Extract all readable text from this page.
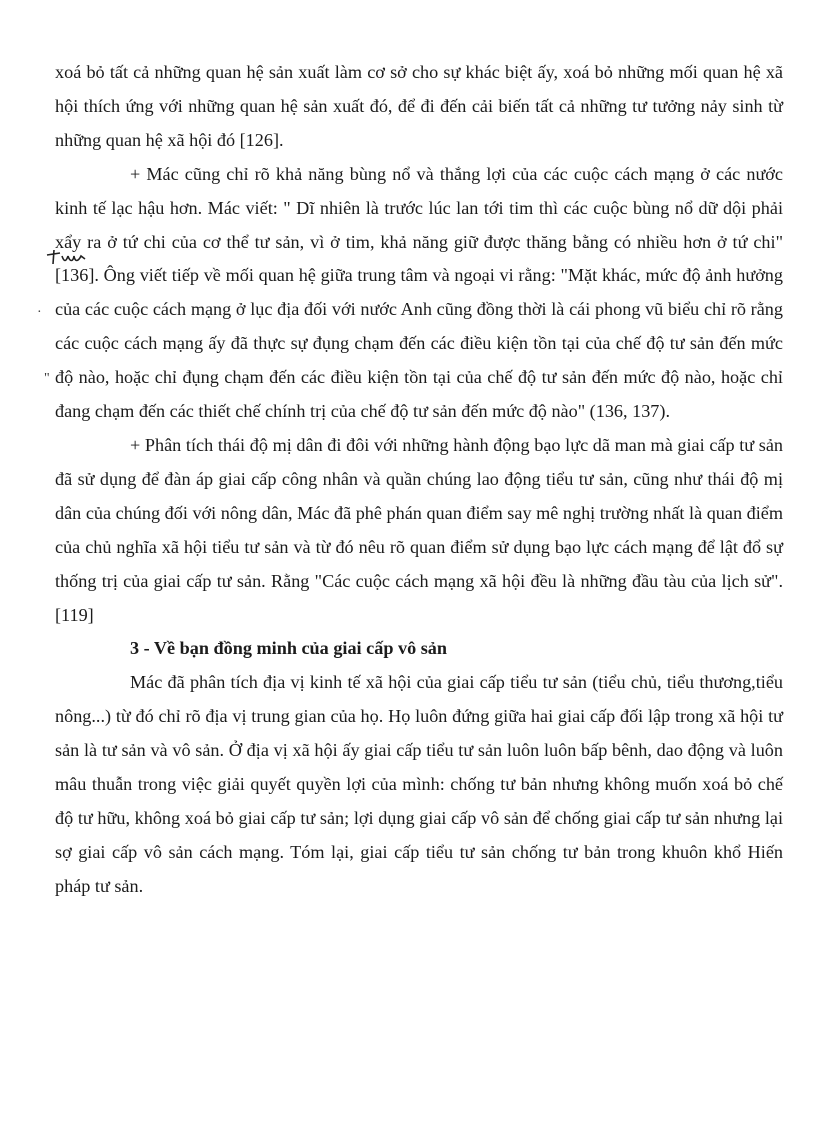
·
"

xoá bỏ tất cả những quan hệ sản xuất làm cơ sở cho sự khác biệt ấy, xoá bỏ những mối quan hệ xã hội thích ứng với những quan hệ sản xuất đó, để đi đến cải biến tất cả những tư tưởng nảy sinh từ những quan hệ xã hội đó [126].

+ Mác cũng chỉ rõ khả năng bùng nổ và thắng lợi của các cuộc cách mạng ở các nước kinh tế lạc hậu hơn. Mác viết: " Dĩ nhiên là trước lúc lan tới tim thì các cuộc bùng nổ dữ dội phải xẩy ra ở tứ chi của cơ thể tư sản, vì ở tim, khả năng giữ được thăng bằng có nhiều hơn ở tứ chi" [136]. Ông viết tiếp về mối quan hệ giữa trung tâm và ngoại vi rằng: "Mặt khác, mức độ ảnh hưởng của các cuộc cách mạng ở lục địa đối với nước Anh cũng đồng thời là cái phong vũ biểu chỉ rõ rằng các cuộc cách mạng ấy đã thực sự đụng chạm đến các điều kiện tồn tại của chế độ tư sản đến mức độ nào, hoặc chỉ đụng chạm đến các điều kiện tồn tại của chế độ tư sản đến mức độ nào, hoặc chỉ đang chạm đến các thiết chế chính trị của chế độ tư sản đến mức độ nào" (136, 137).

+ Phân tích thái độ mị dân đi đôi với những hành động bạo lực dã man mà giai cấp tư sản đã sử dụng để đàn áp giai cấp công nhân và quần chúng lao động tiểu tư sản, cũng như thái độ mị dân của chúng đối với nông dân, Mác đã phê phán quan điểm say mê nghị trường nhất là quan điểm của chủ nghĩa xã hội tiểu tư sản và từ đó nêu rõ quan điểm sử dụng bạo lực cách mạng để lật đổ sự thống trị của giai cấp tư sản. Rằng "Các cuộc cách mạng xã hội đều là những đầu tàu của lịch sử". [119]

3 - Về bạn đồng minh của giai cấp vô sản

Mác đã phân tích địa vị kinh tế xã hội của giai cấp tiểu tư sản (tiểu chủ, tiểu thương,tiểu nông...) từ đó chỉ rõ địa vị trung gian của họ. Họ luôn đứng giữa hai giai cấp đối lập trong xã hội tư sản là tư sản và vô sản. Ở địa vị xã hội ấy giai cấp tiểu tư sản luôn luôn bấp bênh, dao động và luôn mâu thuẫn trong việc giải quyết quyền lợi của mình: chống tư bản nhưng không muốn xoá bỏ chế độ tư hữu, không xoá bỏ giai cấp tư sản; lợi dụng giai cấp vô sản để chống giai cấp tư sản nhưng lại sợ giai cấp vô sản cách mạng. Tóm lại, giai cấp tiểu tư sản chống tư bản trong khuôn khổ Hiến pháp tư sản.
